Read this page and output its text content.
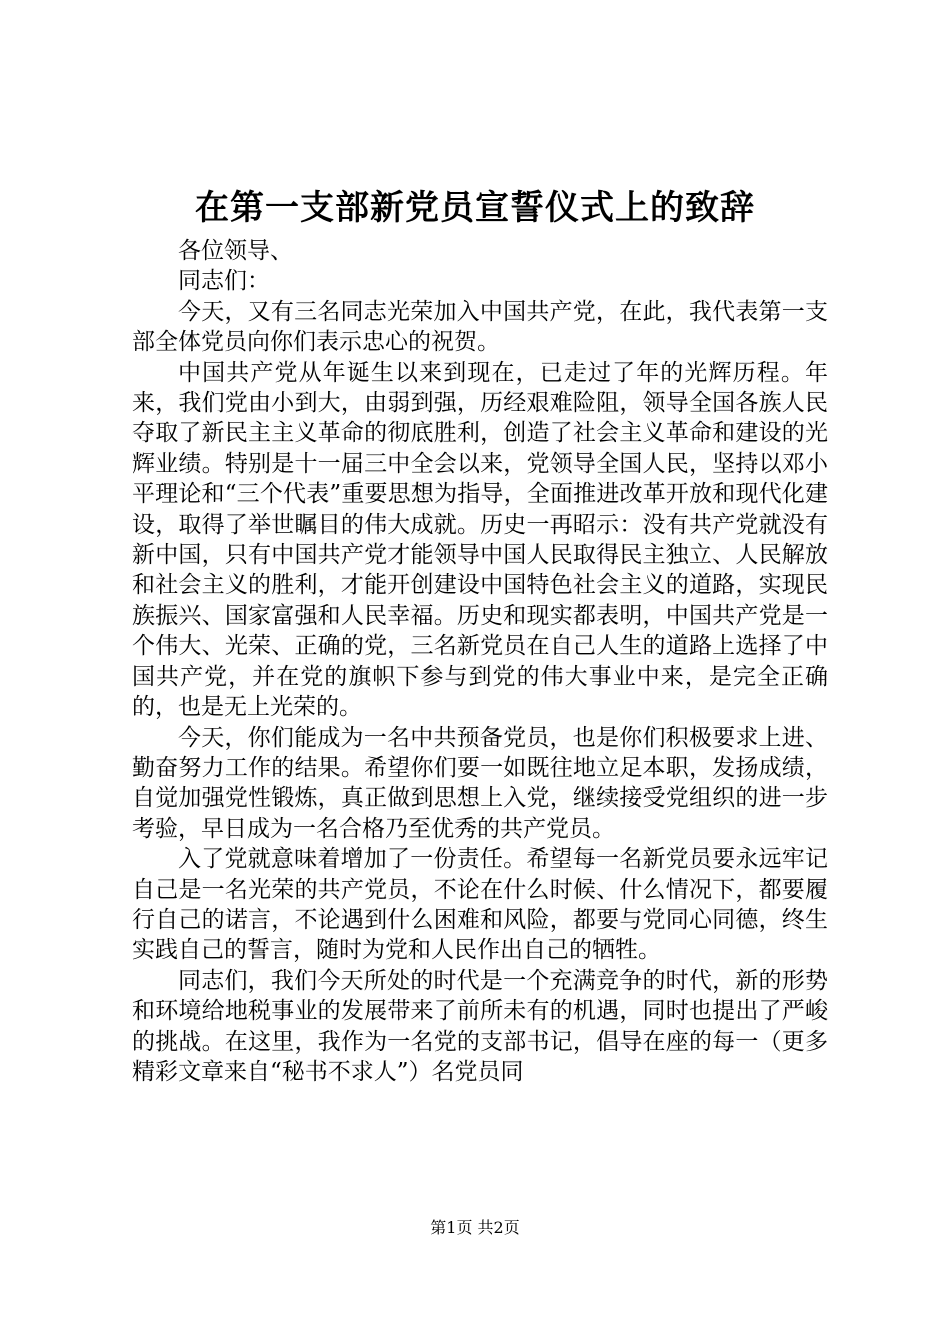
在第一支部新党员宣誓仪式上的致辞

各位领导、

同志们：

今天，又有三名同志光荣加入中国共产党，在此，我代表第一支部全体党员向你们表示忠心的祝贺。

中国共产党从年诞生以来到现在，已走过了年的光辉历程。年来，我们党由小到大，由弱到强，历经艰难险阻，领导全国各族人民夺取了新民主主义革命的彻底胜利，创造了社会主义革命和建设的光辉业绩。特别是十一届三中全会以来，党领导全国人民，坚持以邓小平理论和“三个代表”重要思想为指导，全面推进改革开放和现代化建设，取得了举世瞩目的伟大成就。历史一再昭示：没有共产党就没有新中国，只有中国共产党才能领导中国人民取得民主独立、人民解放和社会主义的胜利，才能开创建设中国特色社会主义的道路，实现民族振兴、国家富强和人民幸福。历史和现实都表明，中国共产党是一个伟大、光荣、正确的党，三名新党员在自己人生的道路上选择了中国共产党，并在党的旗帜下参与到党的伟大事业中来，是完全正确的，也是无上光荣的。

今天，你们能成为一名中共预备党员，也是你们积极要求上进、勤奋努力工作的结果。希望你们要一如既往地立足本职，发扬成绩，自觉加强党性锻炼，真正做到思想上入党，继续接受党组织的进一步考验，早日成为一名合格乃至优秀的共产党员。

入了党就意味着增加了一份责任。希望每一名新党员要永远牢记自己是一名光荣的共产党员，不论在什么时候、什么情况下，都要履行自己的诺言，不论遇到什么困难和风险，都要与党同心同德，终生实践自己的誓言，随时为党和人民作出自己的牺牲。

同志们，我们今天所处的时代是一个充满竞争的时代，新的形势和环境给地税事业的发展带来了前所未有的机遇，同时也提出了严峻的挑战。在这里，我作为一名党的支部书记，倡导在座的每一（更多精彩文章来自“秘书不求人”）名党员同

第1页 共2页
